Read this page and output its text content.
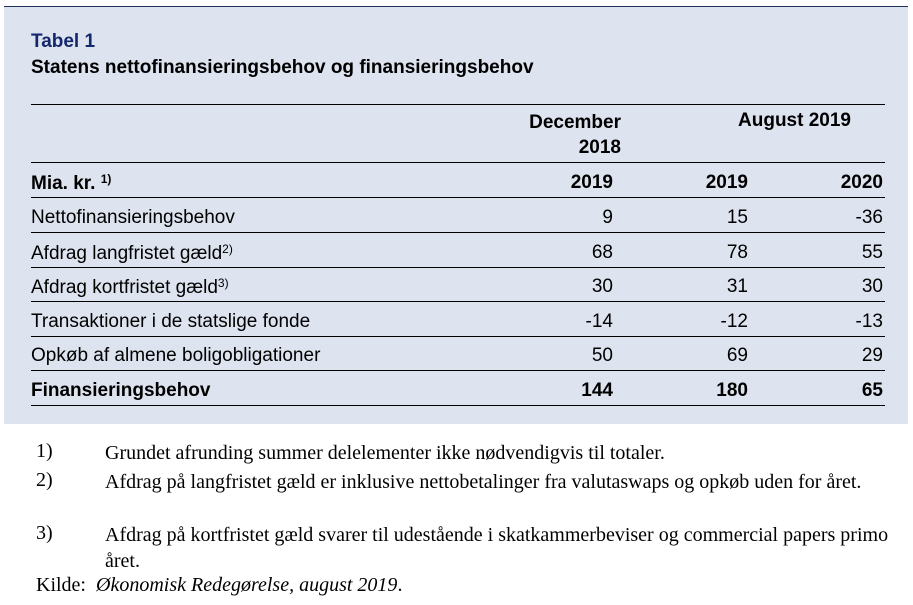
Tabel 1
Statens nettofinansieringsbehov og finansieringsbehov
December
2018
August 2019
Mia. kr. $^{1)}$	2019	2019	2020
Nettofinansieringsbehov	9	15	-36
Afdrag langfristet gæld$^{2)}$	68	78	55
Afdrag kortfristet gæld$^{3)}$	30	31	30
Transaktioner i de statslige fonde	-14	-12	-13
Opkøb af almene boligobligationer	50	69	29
Finansieringsbehov	144	180	65
1)	Grundet afrunding summer delelementer ikke nødvendigvis til totaler.
2)	Afdrag på langfristet gæld er inklusive nettobetalinger fra valutaswaps og opkøb uden for året.
3)	Afdrag på kortfristet gæld svarer til udestående i skatkammerbeviser og commercial papers primo året.
Kilde: Økonomisk Redegørelse, august 2019.
